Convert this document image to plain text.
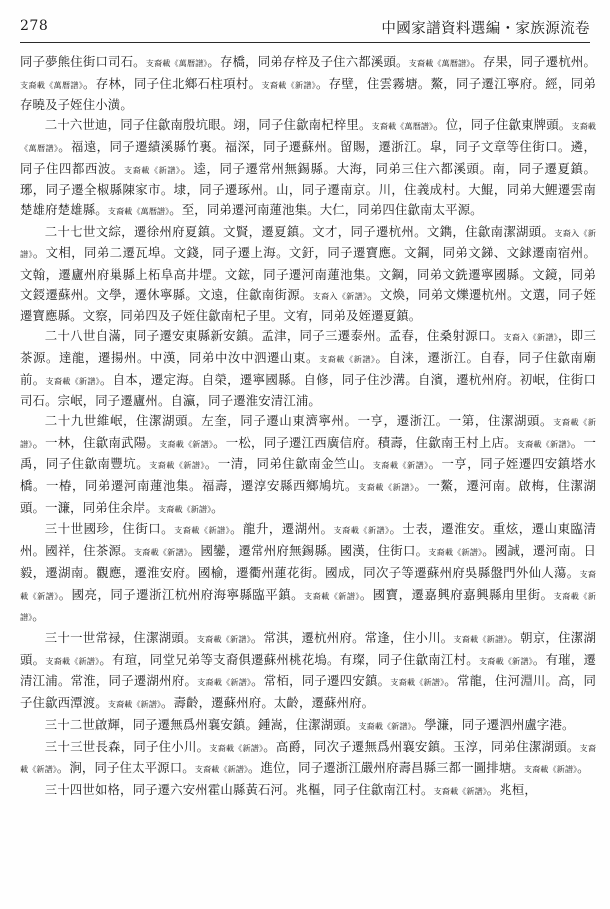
278	中國家譜資料選編・家族源流卷

同子夢熊住街口司石。支裔載《萬曆譜》。存橋，同弟存梓及子住六都溪頭。支裔載《萬曆譜》。存果，同子遷杭州。支裔載《萬曆譜》。存林，同子住北鄉石柱項村。支裔載《新譜》。存壁，住雲霧塘。鰲，同子遷江寧府。經，同弟存曉及子姪住小潢。

二十六世迪，同子住歙南殷坑眼。翊，同子住歙南杞梓里。支裔載《萬曆譜》。位，同子住歙東牌頭。支裔載《萬曆譜》。福遠，同子遷績溪縣竹裏。福深，同子遷蘇州。留賜，遷浙江。皐，同子文章等住街口。遴，同子住四都西波。支裔載《新譜》。逵，同子遷常州無錫縣。大海，同弟三住六都溪頭。南，同子遷夏鎮。琊，同子遷全椒縣陳家市。埭，同子遷琢州。山，同子遷南京。川，住義成村。大鯤，同弟大鯉遷雲南楚雄府楚雄縣。支裔載《萬曆譜》。至，同弟遷河南蓮池集。大仁，同弟四住歙南太平源。

二十七世文綜，遷徐州府夏鎮。文賢，遷夏鎮。文才，同子遷杭州。文鐫，住歙南潔湖頭。支裔入《新譜》。文相，同弟二遷瓦埠。文錢，同子遷上海。文釪，同子遷寶應。文鋼，同弟文銻、文銶遷南宿州。文翰，遷廬州府巢縣上柘阜高井堽。文鋐，同子遷河南蓮池集。文鋼，同弟文銑遷寧國縣。文鏡，同弟文鋄遷蘇州。文學，遷休寧縣。文遠，住歙南街源。支裔入《新譜》。文煥，同弟文爍遷杭州。文選，同子姪遷寶應縣。文察，同弟四及子姪住歙南杞子里。文宥，同弟及姪遷夏鎮。

二十八世自滿，同子遷安東縣新安鎮。孟津，同子三遷泰州。孟春，住桑射源口。支裔入《新譜》，即三茶源。達龍，遷揚州。中漢，同弟中汝中泗遷山東。支裔載《新譜》。自涞，遷浙江。自春，同子住歙南廟前。支裔載《新譜》。自本，遷定海。自榮，遷寧國縣。自修，同子住沙溝。自濱，遷杭州府。初岷，住街口司石。宗岷，同子遷廬州。自瀛，同子遷淮安清江浦。

二十九世維岷，住潔湖頭。左奎，同子遷山東濟寧州。一亨，遷浙江。一第，住潔湖頭。支裔載《新譜》。一林，住歙南武陽。支裔載《新譜》。一松，同子遷江西廣信府。積壽，住歙南王村上店。支裔載《新譜》。一禹，同子住歙南豐坑。支裔載《新譜》。一清，同弟住歙南金竺山。支裔載《新譜》。一亨，同子姪遷四安鎮塔水橋。一椿，同弟遷河南蓮池集。福壽，遷淳安縣西鄉鳩坑。支裔載《新譜》。一鰲，遷河南。啟梅，住潔湖頭。一濂，同弟住余岸。支裔載《新譜》。

三十世國珍，住街口。支裔載《新譜》。龍升，遷湖州。支裔載《新譜》。士表，遷淮安。重炫，遷山東臨清州。國祥，住茶源。支裔載《新譜》。國鑾，遷常州府無錫縣。國漢，住街口。支裔載《新譜》。國誠，遷河南。日毅，遷湖南。觀應，遷淮安府。國榆，遷衢州蓮花街。國成，同次子等遷蘇州府吳縣盤門外仙人蕩。支裔載《新譜》。國亮，同子遷浙江杭州府海寧縣臨平鎮。支裔載《新譜》。國寶，遷嘉興府嘉興縣甪里街。支裔載《新譜》。

三十一世常禄，住潔湖頭。支裔載《新譜》。常淇，遷杭州府。常逢，住小川。支裔載《新譜》。朝京，住潔湖頭。支裔載《新譜》。有瑄，同堂兄弟等支裔俱遷蘇州桃花塢。有璨，同子住歙南江村。支裔載《新譜》。有璀，遷清江浦。常淮，同子遷湖州府。支裔載《新譜》。常栢，同子遷四安鎮。支裔載《新譜》。常龍，住河淵川。高，同子住歙西潭渡。支裔載《新譜》。壽齡，遷蘇州府。太齡，遷蘇州府。

三十二世啟輝，同子遷無爲州襄安鎮。鍾嵩，住潔湖頭。支裔載《新譜》。學濂，同子遷泗州盧字港。

三十三世長森，同子住小川。支裔載《新譜》。高爵，同次子遷無爲州襄安鎮。玉淳，同弟住潔湖頭。支裔載《新譜》。涧，同子住太平源口。支裔載《新譜》。進位，同子遷浙江嚴州府壽昌縣三都一圖排塘。支裔載《新譜》。

三十四世如格，同子遷六安州霍山縣黃石河。兆樞，同子住歙南江村。支裔載《新譜》。兆桓，
